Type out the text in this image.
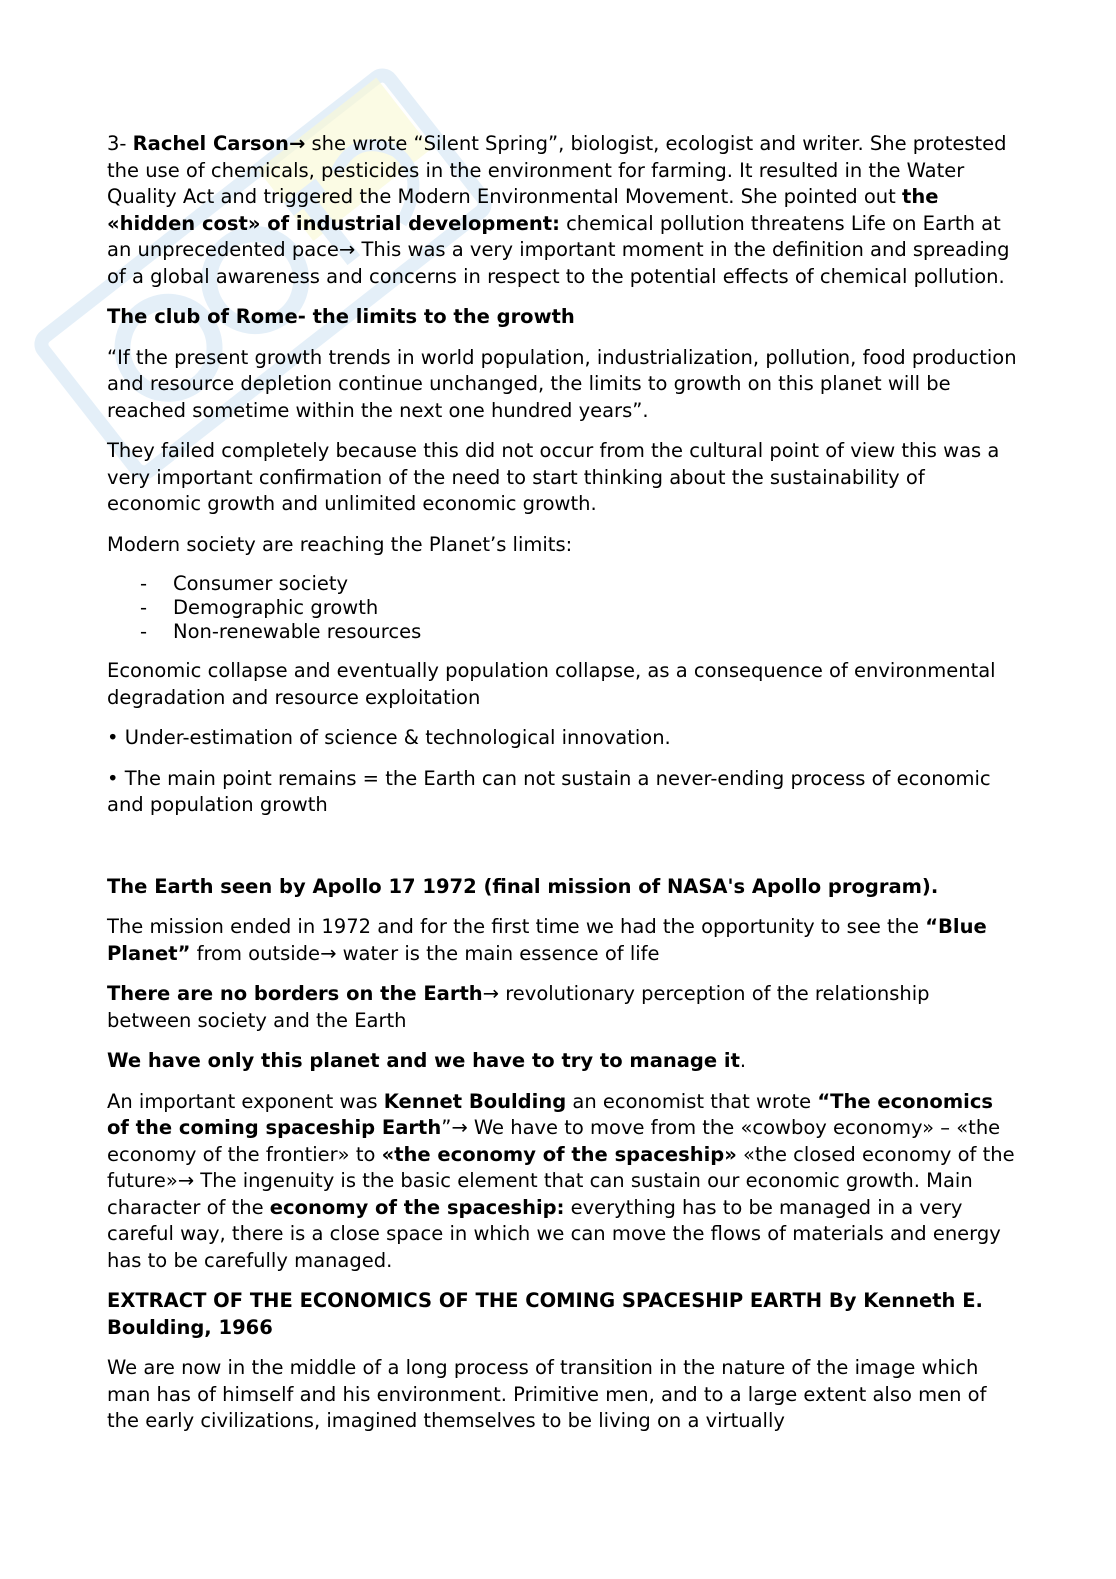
3- Rachel Carson→ she wrote “Silent Spring”, biologist, ecologist and writer. She protested the use of chemicals, pesticides in the environment for farming. It resulted in the Water Quality Act and triggered the Modern Environmental Movement. She pointed out the «hidden cost» of industrial development: chemical pollution threatens Life on Earth at an unprecedented pace→ This was a very important moment in the definition and spreading of a global awareness and concerns in respect to the potential effects of chemical pollution.

The club of Rome- the limits to the growth

“If the present growth trends in world population, industrialization, pollution, food production and resource depletion continue unchanged, the limits to growth on this planet will be reached sometime within the next one hundred years”.

They failed completely because this did not occur from the cultural point of view this was a very important confirmation of the need to start thinking about the sustainability of economic growth and unlimited economic growth.

Modern society are reaching the Planet’s limits:

- Consumer society
- Demographic growth
- Non-renewable resources

Economic collapse and eventually population collapse, as a consequence of environmental degradation and resource exploitation

• Under-estimation of science & technological innovation.

• The main point remains = the Earth can not sustain a never-ending process of economic and population growth

The Earth seen by Apollo 17 1972 (final mission of NASA's Apollo program).

The mission ended in 1972 and for the first time we had the opportunity to see the “Blue Planet” from outside→ water is the main essence of life

There are no borders on the Earth→ revolutionary perception of the relationship between society and the Earth

We have only this planet and we have to try to manage it.

An important exponent was Kennet Boulding an economist that wrote “The economics of the coming spaceship Earth”→ We have to move from the «cowboy economy» – «the economy of the frontier» to «the economy of the spaceship» «the closed economy of the future»→ The ingenuity is the basic element that can sustain our economic growth. Main character of the economy of the spaceship: everything has to be managed in a very careful way, there is a close space in which we can move the flows of materials and energy has to be carefully managed.

EXTRACT OF THE ECONOMICS OF THE COMING SPACESHIP EARTH By Kenneth E. Boulding, 1966

We are now in the middle of a long process of transition in the nature of the image which man has of himself and his environment. Primitive men, and to a large extent also men of the early civilizations, imagined themselves to be living on a virtually
